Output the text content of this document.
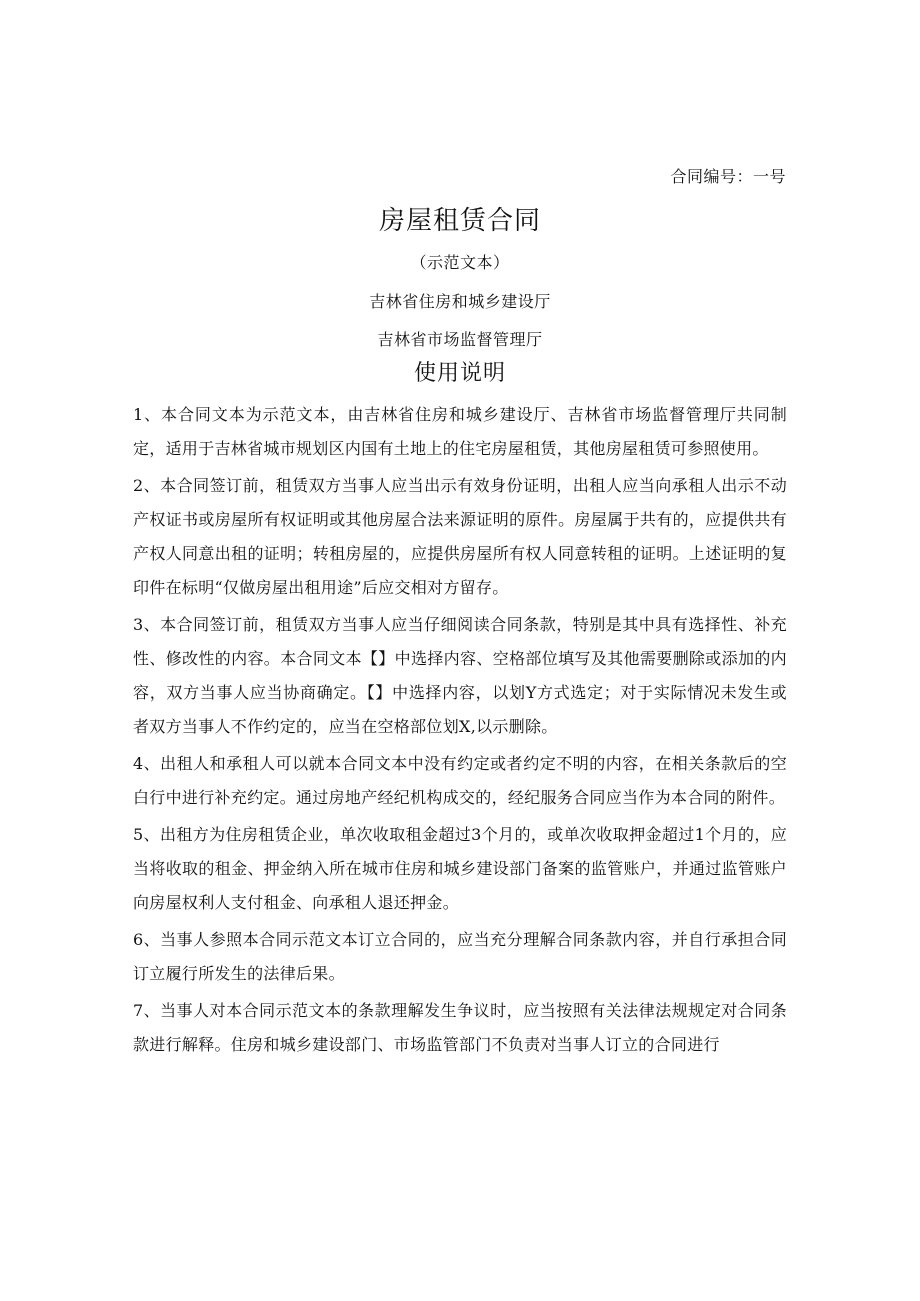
合同编号：一号
房屋租赁合同
（示范文本）
吉林省住房和城乡建设厅
吉林省市场监督管理厅
使用说明
1、本合同文本为示范文本，由吉林省住房和城乡建设厅、吉林省市场监督管理厅共同制定，适用于吉林省城市规划区内国有土地上的住宅房屋租赁，其他房屋租赁可参照使用。
2、本合同签订前，租赁双方当事人应当出示有效身份证明，出租人应当向承租人出示不动产权证书或房屋所有权证明或其他房屋合法来源证明的原件。房屋属于共有的，应提供共有产权人同意出租的证明；转租房屋的，应提供房屋所有权人同意转租的证明。上述证明的复印件在标明“仅做房屋出租用途”后应交相对方留存。
3、本合同签订前，租赁双方当事人应当仔细阅读合同条款，特别是其中具有选择性、补充性、修改性的内容。本合同文本【】中选择内容、空格部位填写及其他需要删除或添加的内容，双方当事人应当协商确定。【】中选择内容，以划Y方式选定；对于实际情况未发生或者双方当事人不作约定的，应当在空格部位划X,以示删除。
4、出租人和承租人可以就本合同文本中没有约定或者约定不明的内容，在相关条款后的空白行中进行补充约定。通过房地产经纪机构成交的，经纪服务合同应当作为本合同的附件。
5、出租方为住房租赁企业，单次收取租金超过3个月的，或单次收取押金超过1个月的，应当将收取的租金、押金纳入所在城市住房和城乡建设部门备案的监管账户，并通过监管账户向房屋权利人支付租金、向承租人退还押金。
6、当事人参照本合同示范文本订立合同的，应当充分理解合同条款内容，并自行承担合同订立履行所发生的法律后果。
7、当事人对本合同示范文本的条款理解发生争议时，应当按照有关法律法规规定对合同条款进行解释。住房和城乡建设部门、市场监管部门不负责对当事人订立的合同进行
